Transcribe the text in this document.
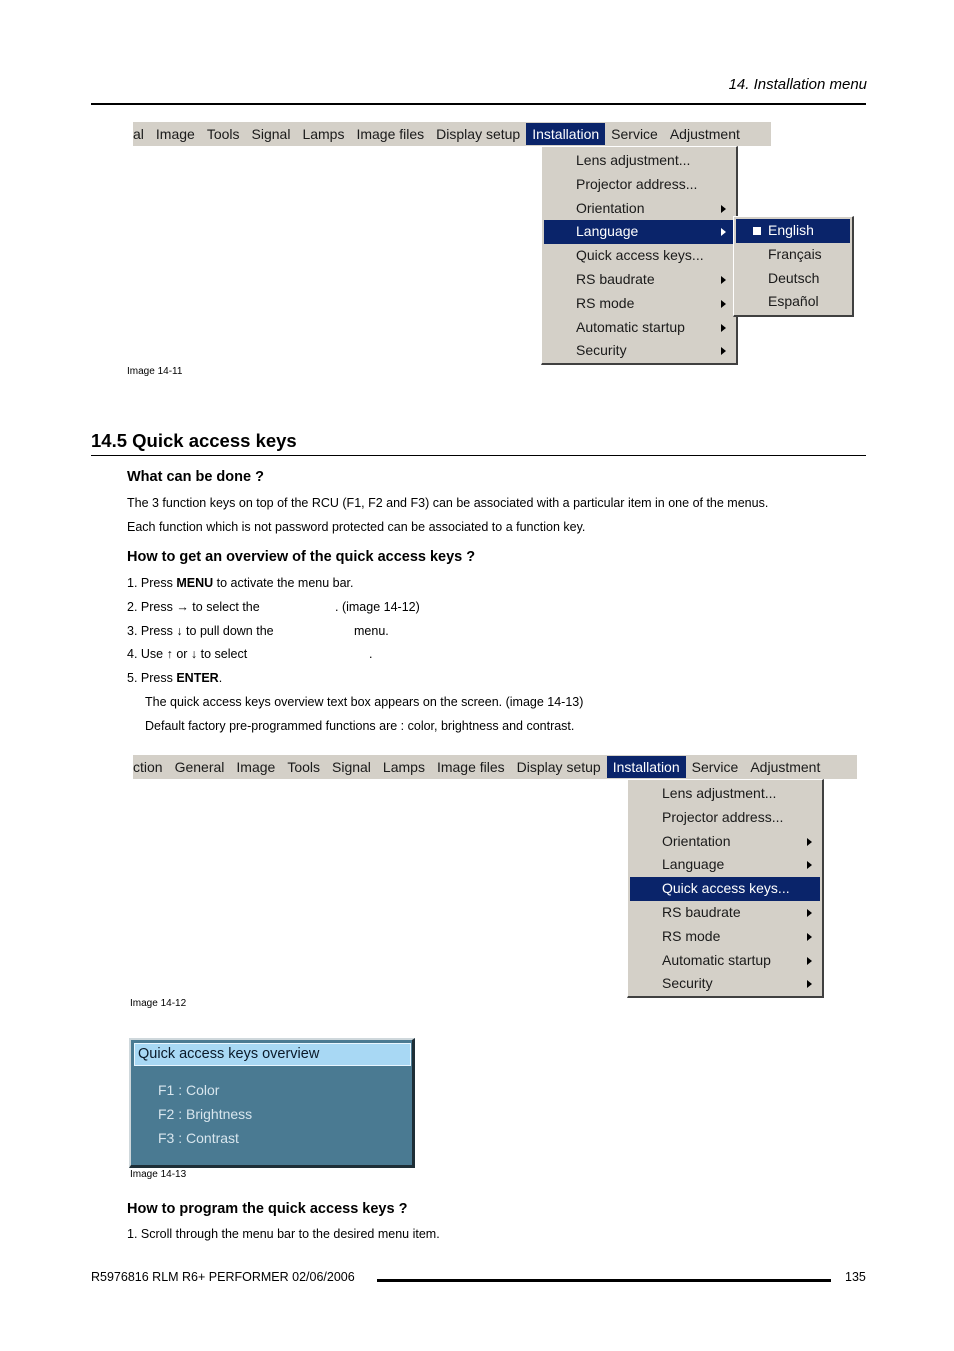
14. Installation menu
al Image Tools Signal Lamps Image files Display setup Installation Service Adjustment
Lens adjustment...
Projector address...
Orientation
Language
Quick access keys...
RS baudrate
RS mode
Automatic startup
Security
English
Français
Deutsch
Español
Image 14-11
14.5 Quick access keys
What can be done ?
The 3 function keys on top of the RCU (F1, F2 and F3) can be associated with a particular item in one of the menus.
Each function which is not password protected can be associated to a function key.
How to get an overview of the quick access keys ?
1. Press MENU to activate the menu bar.
2. Press → to select the	. (image 14-12)
3. Press ↓ to pull down the	menu.
4. Use ↑ or ↓ to select	.
5. Press ENTER.
The quick access keys overview text box appears on the screen. (image 14-13)
Default factory pre-programmed functions are : color, brightness and contrast.
ction General Image Tools Signal Lamps Image files Display setup Installation Service Adjustment
Lens adjustment...
Projector address...
Orientation
Language
Quick access keys...
RS baudrate
RS mode
Automatic startup
Security
Image 14-12
Quick access keys overview
F1 : Color
F2 : Brightness
F3 : Contrast
Image 14-13
How to program the quick access keys ?
1. Scroll through the menu bar to the desired menu item.
R5976816 RLM R6+ PERFORMER 02/06/2006	135
